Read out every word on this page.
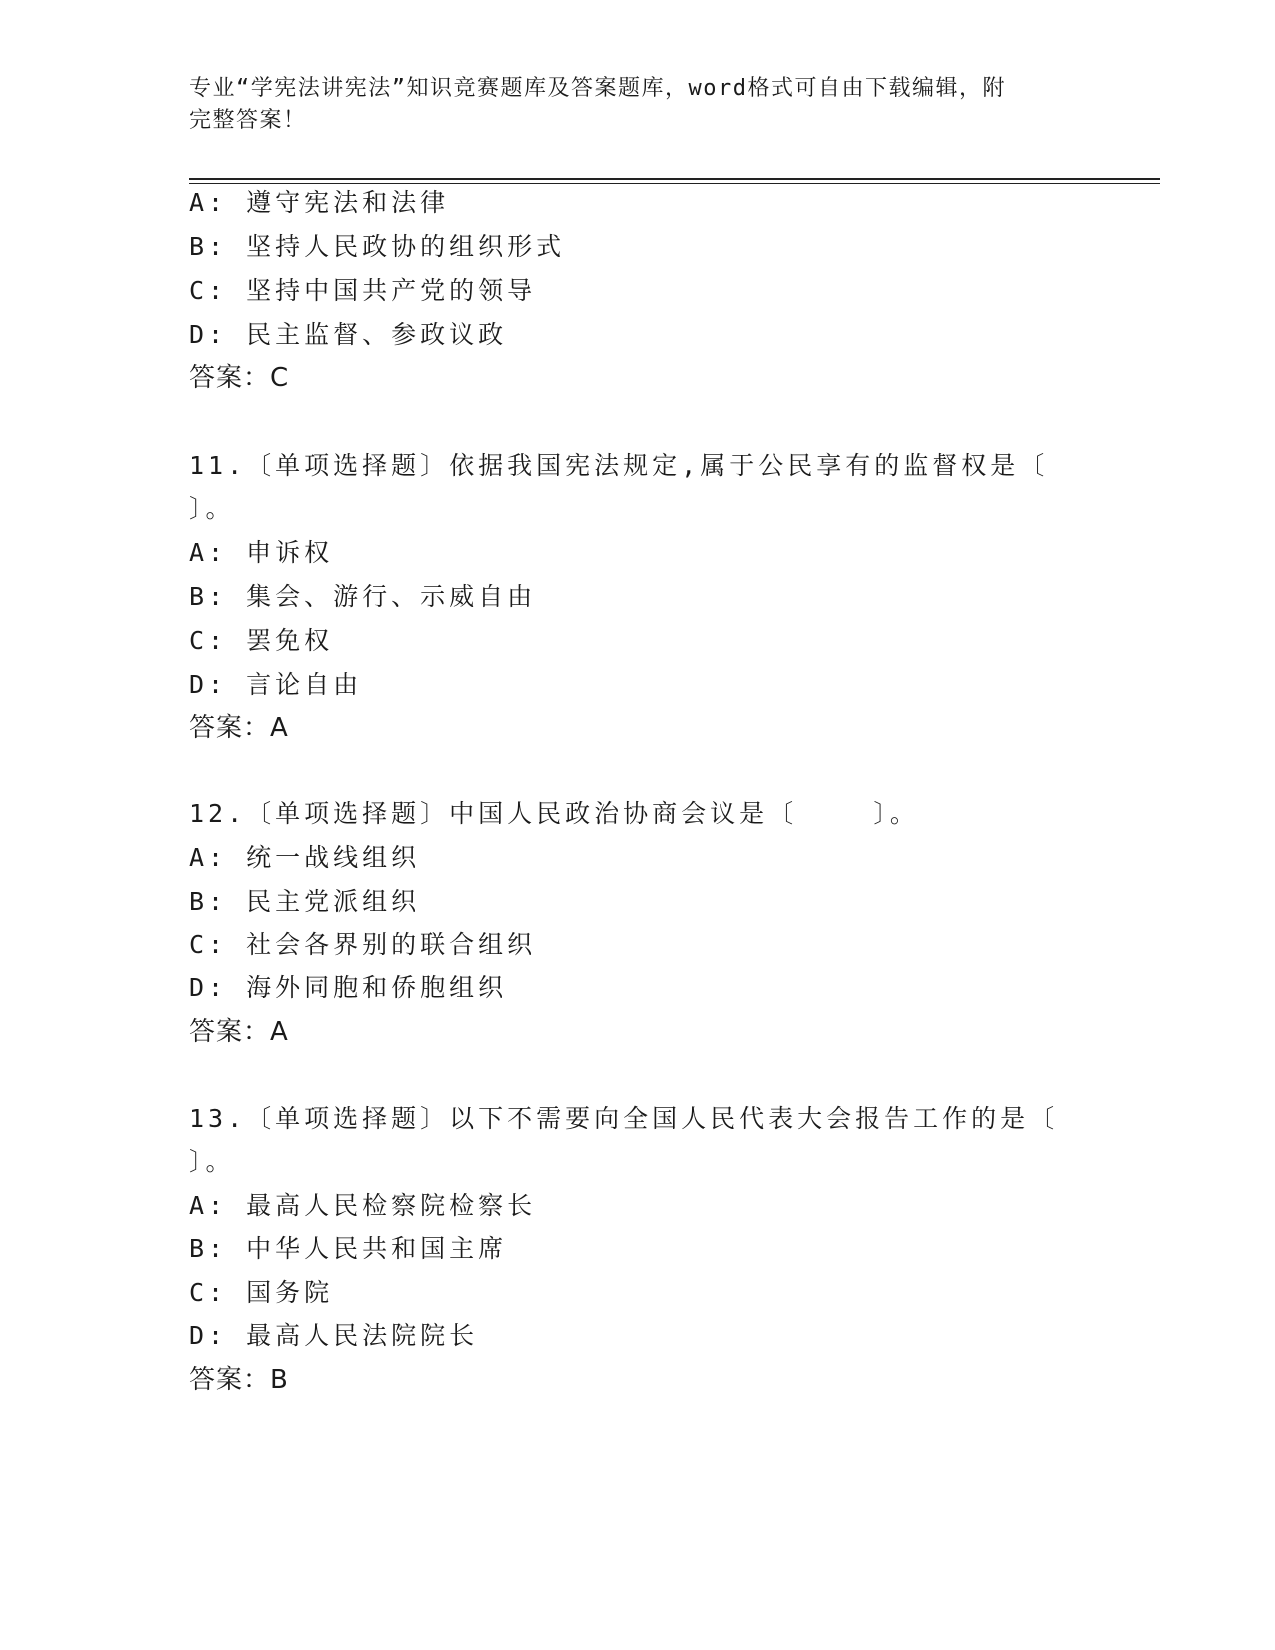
专业“学宪法讲宪法”知识竞赛题库及答案题库，word格式可自由下载编辑，附
完整答案！
A: 遵守宪法和法律
B: 坚持人民政协的组织形式
C: 坚持中国共产党的领导
D: 民主监督、参政议政
答案：C
11.〔单项选择题〕依据我国宪法规定,属于公民享有的监督权是〔
〕。
A: 申诉权
B: 集会、游行、示威自由
C: 罢免权
D: 言论自由
答案：A
12.〔单项选择题〕中国人民政治协商会议是〔    〕。
A: 统一战线组织
B: 民主党派组织
C: 社会各界别的联合组织
D: 海外同胞和侨胞组织
答案：A
13.〔单项选择题〕以下不需要向全国人民代表大会报告工作的是〔
〕。
A: 最高人民检察院检察长
B: 中华人民共和国主席
C: 国务院
D: 最高人民法院院长
答案：B
